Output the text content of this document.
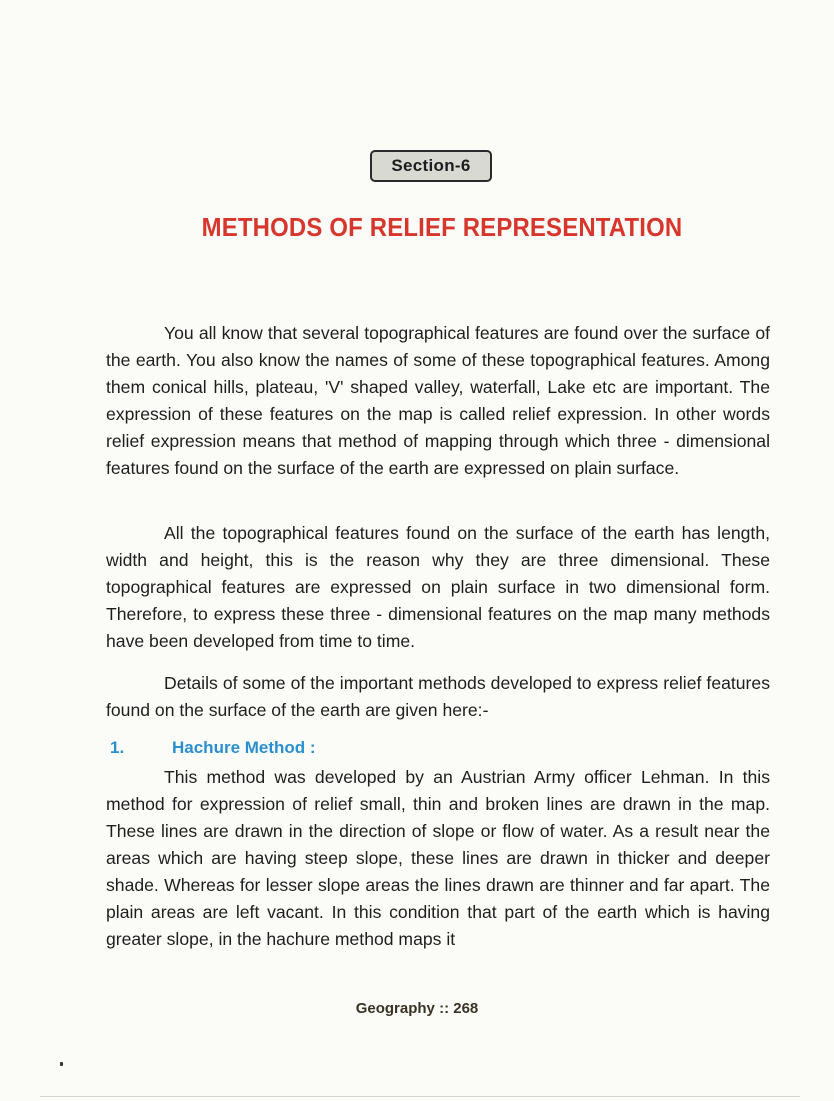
Section-6
METHODS OF RELIEF REPRESENTATION

You all know that several topographical features are found over the surface of the earth. You also know the names of some of these topographical features. Among them conical hills, plateau, 'V' shaped valley, waterfall, Lake etc are important. The expression of these features on the map is called relief expression. In other words relief expression means that method of mapping through which three - dimensional features found on the surface of the earth are expressed on plain surface.

All the topographical features found on the surface of the earth has length, width and height, this is the reason why they are three dimensional. These topographical features are expressed on plain surface in two dimensional form. Therefore, to express these three - dimensional features on the map many methods have been developed from time to time.

Details of some of the important methods developed to express relief features found on the surface of the earth are given here:-

1.	Hachure Method :

This method was developed by an Austrian Army officer Lehman. In this method for expression of relief small, thin and broken lines are drawn in the map. These lines are drawn in the direction of slope or flow of water. As a result near the areas which are having steep slope, these lines are drawn in thicker and deeper shade. Whereas for lesser slope areas the lines drawn are thinner and far apart. The plain areas are left vacant. In this condition that part of the earth which is having greater slope, in the hachure method maps it

Geography :: 268
